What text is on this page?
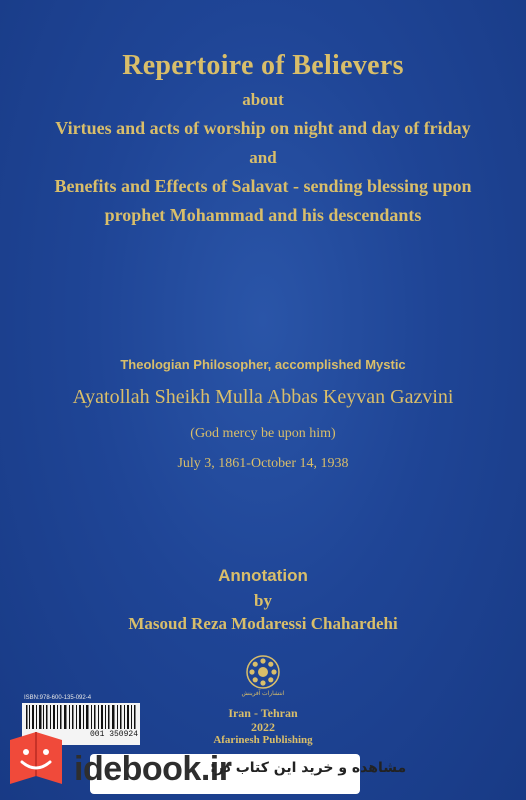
Repertoire of Believers
about
Virtues and acts of worship on night and day of friday
and
Benefits and Effects of Salavat - sending blessing upon
prophet Mohammad and his descendants
Theologian Philosopher, accomplished Mystic
Ayatollah Sheikh Mulla Abbas Keyvan Gazvini
(God mercy be upon him)
July 3, 1861-October 14, 1938
Annotation
by
Masoud Reza Modaressi Chahardehi
انتشارات آفرینش
Iran - Tehran
2022
Afarinesh Publishing
ISBN:978-600-135-092-4
001 350924
idebook.ir
مشاهده و خرید این کتاب در:
